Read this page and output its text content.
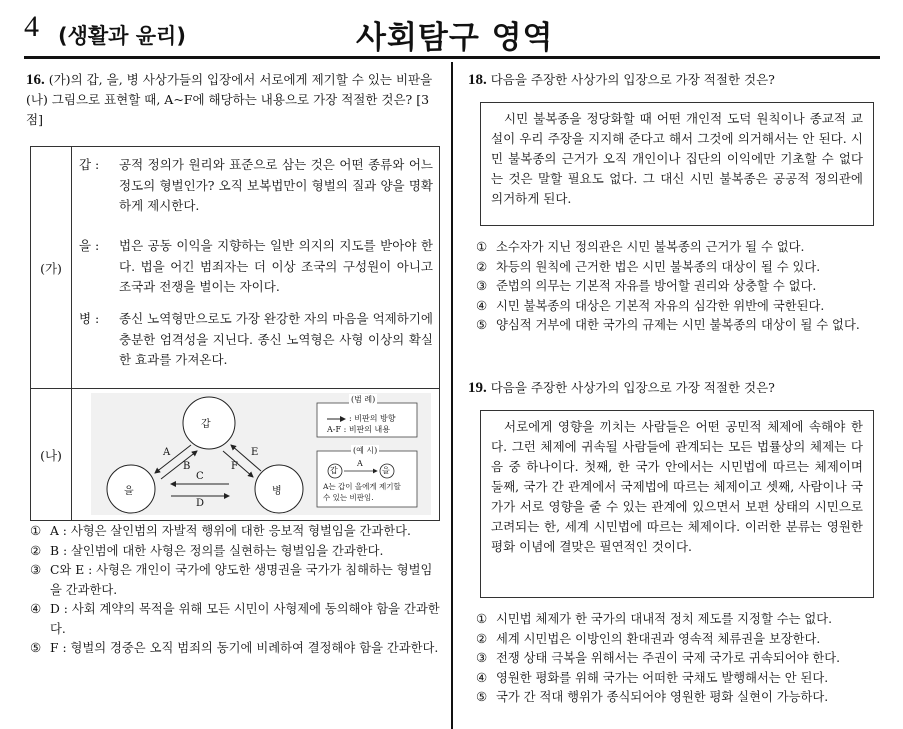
4 (생활과 윤리)	사회탐구 영역
16. (가)의 갑, 을, 병 사상가들의 입장에서 서로에게 제기할 수 있는 비판을 (나) 그림으로 표현할 때, A~F에 해당하는 내용으로 가장 적절한 것은? [3점]
(가)
갑 : 공적 정의가 원리와 표준으로 삼는 것은 어떤 종류와 어느 정도의 형벌인가? 오직 보복법만이 형벌의 질과 양을 명확하게 제시한다.
을 : 법은 공동 이익을 지향하는 일반 의지의 지도를 받아야 한다. 법을 어긴 범죄자는 더 이상 조국의 구성원이 아니고 조국과 전쟁을 벌이는 자이다.
병 : 종신 노역형만으로도 가장 완강한 자의 마음을 억제하기에 충분한 엄격성을 지닌다. 종신 노역형은 사형 이상의 확실한 효과를 가져온다.
(나)
갑
을	병
A
B
E
F
C
D
(범 례)
: 비판의 방향
A-F : 비판의 내용
(예 시)
갑
A
을
A는 갑이 을에게 제기할
수 있는 비판임.
① A : 사형은 살인범의 자발적 행위에 대한 응보적 형벌임을 간과한다.
② B : 살인범에 대한 사형은 정의를 실현하는 형벌임을 간과한다.
③ C와 E : 사형은 개인이 국가에 양도한 생명권을 국가가 침해하는 형벌임을 간과한다.
④ D : 사회 계약의 목적을 위해 모든 시민이 사형제에 동의해야 함을 간과한다.
⑤ F : 형벌의 경중은 오직 범죄의 동기에 비례하여 결정해야 함을 간과한다.
18. 다음을 주장한 사상가의 입장으로 가장 적절한 것은?
시민 불복종을 정당화할 때 어떤 개인적 도덕 원칙이나 종교적 교설이 우리 주장을 지지해 준다고 해서 그것에 의거해서는 안 된다. 시민 불복종의 근거가 오직 개인이나 집단의 이익에만 기초할 수 없다는 것은 말할 필요도 없다. 그 대신 시민 불복종은 공공적 정의관에 의거하게 된다.
① 소수자가 지닌 정의관은 시민 불복종의 근거가 될 수 없다.
② 차등의 원칙에 근거한 법은 시민 불복종의 대상이 될 수 있다.
③ 준법의 의무는 기본적 자유를 방어할 권리와 상충할 수 없다.
④ 시민 불복종의 대상은 기본적 자유의 심각한 위반에 국한된다.
⑤ 양심적 거부에 대한 국가의 규제는 시민 불복종의 대상이 될 수 없다.
19. 다음을 주장한 사상가의 입장으로 가장 적절한 것은?
서로에게 영향을 끼치는 사람들은 어떤 공민적 체제에 속해야 한다. 그런 체제에 귀속될 사람들에 관계되는 모든 법률상의 체제는 다음 중 하나이다. 첫째, 한 국가 안에서는 시민법에 따르는 체제이며 둘째, 국가 간 관계에서 국제법에 따르는 체제이고 셋째, 사람이나 국가가 서로 영향을 줄 수 있는 관계에 있으면서 보편 상태의 시민으로 고려되는 한, 세계 시민법에 따르는 체제이다. 이러한 분류는 영원한 평화 이념에 결맞은 필연적인 것이다.
① 시민법 체제가 한 국가의 대내적 정치 제도를 지정할 수는 없다.
② 세계 시민법은 이방인의 환대권과 영속적 체류권을 보장한다.
③ 전쟁 상태 극복을 위해서는 주권이 국제 국가로 귀속되어야 한다.
④ 영원한 평화를 위해 국가는 어떠한 국채도 발행해서는 안 된다.
⑤ 국가 간 적대 행위가 종식되어야 영원한 평화 실현이 가능하다.
